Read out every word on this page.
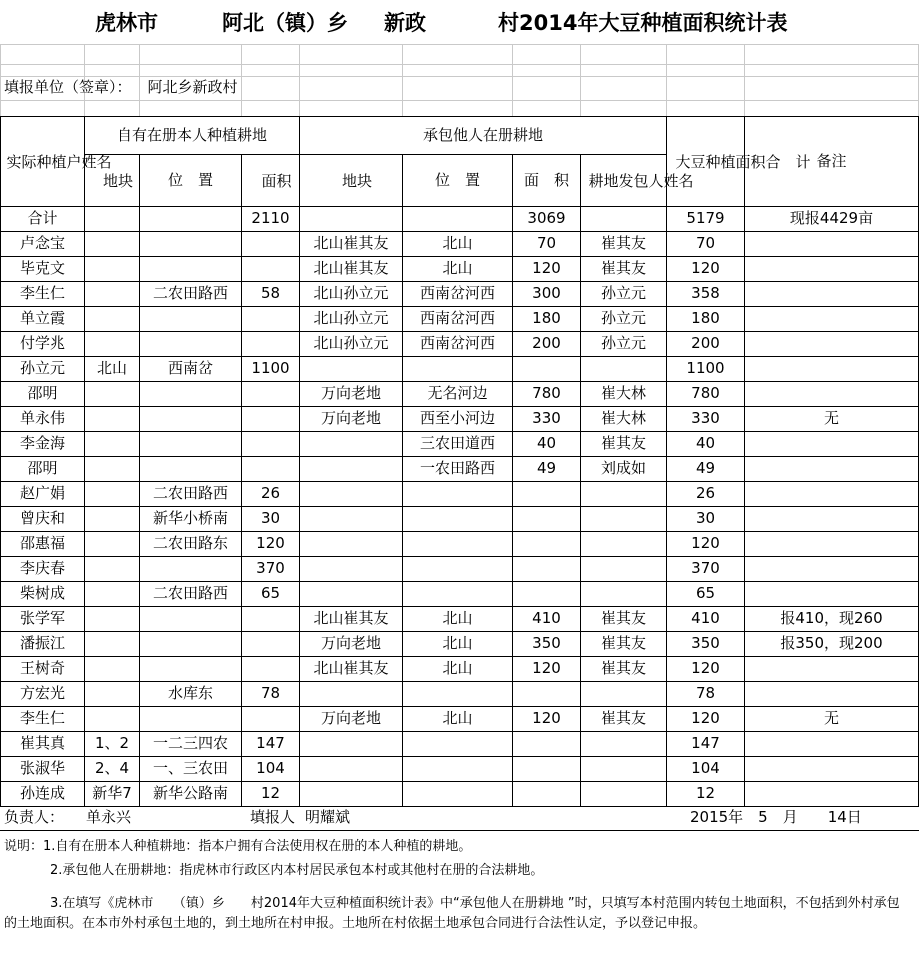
虎林市

	阿北（镇）乡

新政

	村2014年大豆种植面积统计表

填报单位（签章）： 阿北乡新政村
实际种植户姓名	自有在册本人种植耕地			承包他人在册耕地				大豆种植面积合　计	备注

	地块	位　置	面积	地块	位　置	面　积	耕地发包人姓名		

合计			2110			3069		5179	现报4429亩
卢念宝				北山崔其友	北山	70	崔其友	70	
毕克文				北山崔其友	北山	120	崔其友	120	
李生仁		二农田路西	58	北山孙立元	西南岔河西	300	孙立元	358	
单立霞				北山孙立元	西南岔河西	180	孙立元	180	
付学兆				北山孙立元	西南岔河西	200	孙立元	200	
孙立元	北山	西南岔	1100					1100	
邵明				万向老地	无名河边	780	崔大林	780	
单永伟				万向老地	西至小河边	330	崔大林	330	无
李金海					三农田道西	40	崔其友	40	
邵明					一农田路西	49	刘成如	49	
赵广娟		二农田路西	26					26	
曾庆和		新华小桥南	30					30	
邵惠福		二农田路东	120					120	
李庆春			370					370	
柴树成		二农田路西	65					65	
张学军				北山崔其友	北山	410	崔其友	410	报410，现260
潘振江				万向老地	北山	350	崔其友	350	报350，现200
王树奇				北山崔其友	北山	120	崔其友	120	
方宏光		水库东	78					78	
李生仁				万向老地	北山	120	崔其友	120	无
崔其真	1、2	一二三四农	147					147	
张淑华	2、4	一、三农田	104					104	
孙连成	新华7	新华公路南	12					12	
负责人： 单永兴	填报人 明耀斌	2015年　5　月　　14日
说明：1.自有在册本人种植耕地：指本户拥有合法使用权在册的本人种植的耕地。
2.承包他人在册耕地：指虎林市行政区内本村居民承包本村或其他村在册的合法耕地。
3.在填写《虎林市　　（镇）乡　　村2014年大豆种植面积统计表》中“承包他人在册耕地 ”时，只填写本村范围内转包土地面积，不包括到外村承包的土地面积。在本市外村承包土地的，到土地所在村申报。土地所在村依据土地承包合同进行合法性认定，予以登记申报。
